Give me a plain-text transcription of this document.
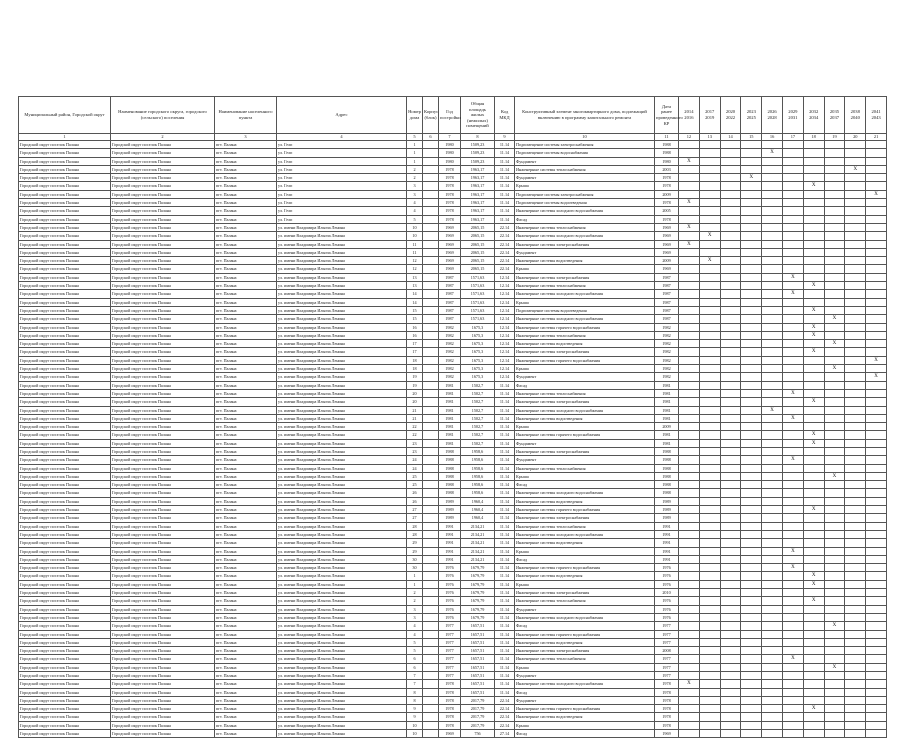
Муниципальный район, Городской округ	Наименование городского округа, городского (сельского) поселения	Наименование населенного пункта	Адрес	Номер дома	Корпус (блок)	Год постройки	Общая площадь жилых (нежилых) помещений	Код МКД	Конструктивный элемент многоквартирного дома, подлежащий включению в программу капитального ремонта	Дата ранее проведенного КР	2014 2016	2017 2019	2020 2022	2023 2025	2026 2028	2029 2031	2032 2034	2035 2037	2038 2040	2041 2043
1	2	3	4	5	6	7	8	9	10	11	12	13	14	15	16	17	18	19	20	21
Городской округ поселок Палана	Городской округ поселок Палана	пгт. Палана	ул. Гелп	1		1980	1509,23	11.14	Подпомещение системы электроснабжения	1988										
Городской округ поселок Палана	Городской округ поселок Палана	пгт. Палана	ул. Гелп	1		1980	1509,23	11.14	Подпомещение системы водоснабжения	1988					X					
Городской округ поселок Палана	Городской округ поселок Палана	пгт. Палана	ул. Гелп	1		1980	1509,23	11.14	Фундамент	1980	X									
Городской округ поселок Палана	Городской округ поселок Палана	пгт. Палана	ул. Гелп	2		1978	1963,17	11.14	Инженерные системы теплоснабжения	2003									X	
Городской округ поселок Палана	Городской округ поселок Палана	пгт. Палана	ул. Гелп	2		1978	1963,17	11.14	Фундамент	1978				X						
Городской округ поселок Палана	Городской округ поселок Палана	пгт. Палана	ул. Гелп	3		1978	1963,17	11.14	Крыша	1978							X			
Городской округ поселок Палана	Городской округ поселок Палана	пгт. Палана	ул. Гелп	3		1978	1963,17	11.14	Подпомещение системы электроснабжения	2009										X
Городской округ поселок Палана	Городской округ поселок Палана	пгт. Палана	ул. Гелп	4		1978	1963,17	11.14	Подпомещение системы водоотведения	1978	X									
Городской округ поселок Палана	Городской округ поселок Палана	пгт. Палана	ул. Гелп	4		1978	1963,17	11.14	Инженерные системы холодного водоснабжения	2005										
Городской округ поселок Палана	Городской округ поселок Палана	пгт. Палана	ул. Гелп	5		1978	1963,17	11.14	Фасад	1978										
Городской округ поселок Палана	Городской округ поселок Палана	пгт. Палана	ул. имени Владимира Ильича Ленина	10		1969	2065,15	22.14	Инженерные системы теплоснабжения	1969	X									
Городской округ поселок Палана	Городской округ поселок Палана	пгт. Палана	ул. имени Владимира Ильича Ленина	10		1969	2065,15	22.14	Инженерные системы холодного водоснабжения	1969		X								
Городской округ поселок Палана	Городской округ поселок Палана	пгт. Палана	ул. имени Владимира Ильича Ленина	11		1969	2065,15	22.14	Инженерные системы электроснабжения	1969	X									
Городской округ поселок Палана	Городской округ поселок Палана	пгт. Палана	ул. имени Владимира Ильича Ленина	11		1969	2065,15	22.14	Фундамент	1969										
Городской округ поселок Палана	Городской округ поселок Палана	пгт. Палана	ул. имени Владимира Ильича Ленина	12		1969	2065,15	22.14	Инженерные системы водоотведения	2009		X								
Городской округ поселок Палана	Городской округ поселок Палана	пгт. Палана	ул. имени Владимира Ильича Ленина	12		1969	2065,15	22.14	Крыша	1969										
Городской округ поселок Палана	Городской округ поселок Палана	пгт. Палана	ул. имени Владимира Ильича Ленина	13		1987	1571,63	12.14	Инженерные системы электроснабжения	1987						X				
Городской округ поселок Палана	Городской округ поселок Палана	пгт. Палана	ул. имени Владимира Ильича Ленина	13		1987	1571,63	12.14	Инженерные системы теплоснабжения	1987							X			
Городской округ поселок Палана	Городской округ поселок Палана	пгт. Палана	ул. имени Владимира Ильича Ленина	14		1987	1571,63	12.14	Инженерные системы холодного водоснабжения	1987						X				
Городской округ поселок Палана	Городской округ поселок Палана	пгт. Палана	ул. имени Владимира Ильича Ленина	14		1987	1571,63	12.14	Крыша	1987										
Городской округ поселок Палана	Городской округ поселок Палана	пгт. Палана	ул. имени Владимира Ильича Ленина	15		1987	1571,63	12.14	Подпомещение системы водоотведения	1987							X			
Городской округ поселок Палана	Городской округ поселок Палана	пгт. Палана	ул. имени Владимира Ильича Ленина	15		1987	1571,63	12.14	Инженерные системы холодного водоснабжения	1987								X		
Городской округ поселок Палана	Городской округ поселок Палана	пгт. Палана	ул. имени Владимира Ильича Ленина	16		1982	1675,3	12.14	Инженерные системы горячего водоснабжения	1982							X			
Городской округ поселок Палана	Городской округ поселок Палана	пгт. Палана	ул. имени Владимира Ильича Ленина	16		1982	1675,3	12.14	Инженерные системы теплоснабжения	1982							X			
Городской округ поселок Палана	Городской округ поселок Палана	пгт. Палана	ул. имени Владимира Ильича Ленина	17		1982	1675,3	12.14	Инженерные системы водоотведения	1982								X		
Городской округ поселок Палана	Городской округ поселок Палана	пгт. Палана	ул. имени Владимира Ильича Ленина	17		1982	1675,3	12.14	Инженерные системы электроснабжения	1982							X			
Городской округ поселок Палана	Городской округ поселок Палана	пгт. Палана	ул. имени Владимира Ильича Ленина	18		1982	1675,3	12.14	Инженерные системы горячего водоснабжения	1982										X
Городской округ поселок Палана	Городской округ поселок Палана	пгт. Палана	ул. имени Владимира Ильича Ленина	18		1982	1675,3	12.14	Крыша	1982								X		
Городской округ поселок Палана	Городской округ поселок Палана	пгт. Палана	ул. имени Владимира Ильича Ленина	19		1982	1675,3	12.14	Фундамент	1982										X
Городской округ поселок Палана	Городской округ поселок Палана	пгт. Палана	ул. имени Владимира Ильича Ленина	19		1981	1502,7	11.14	Фасад	1981										
Городской округ поселок Палана	Городской округ поселок Палана	пгт. Палана	ул. имени Владимира Ильича Ленина	20		1981	1502,7	11.14	Инженерные системы теплоснабжения	1981						X				
Городской округ поселок Палана	Городской округ поселок Палана	пгт. Палана	ул. имени Владимира Ильича Ленина	20		1981	1502,7	11.14	Инженерные системы электроснабжения	1981							X			
Городской округ поселок Палана	Городской округ поселок Палана	пгт. Палана	ул. имени Владимира Ильича Ленина	21		1981	1502,7	11.14	Инженерные системы холодного водоснабжения	1981					X					
Городской округ поселок Палана	Городской округ поселок Палана	пгт. Палана	ул. имени Владимира Ильича Ленина	21		1981	1502,7	11.14	Инженерные системы водоотведения	1981						X				
Городской округ поселок Палана	Городской округ поселок Палана	пгт. Палана	ул. имени Владимира Ильича Ленина	22		1981	1502,7	11.14	Крыша	2009										
Городской округ поселок Палана	Городской округ поселок Палана	пгт. Палана	ул. имени Владимира Ильича Ленина	22		1981	1502,7	11.14	Инженерные системы горячего водоснабжения	1981							X			
Городской округ поселок Палана	Городской округ поселок Палана	пгт. Палана	ул. имени Владимира Ильича Ленина	23		1981	1502,7	11.14	Фундамент	1981							X			
Городской округ поселок Палана	Городской округ поселок Палана	пгт. Палана	ул. имени Владимира Ильича Ленина	23		1988	1958,6	11.14	Инженерные системы электроснабжения	1988										
Городской округ поселок Палана	Городской округ поселок Палана	пгт. Палана	ул. имени Владимира Ильича Ленина	24		1988	1958,6	11.14	Фундамент	1988						X				
Городской округ поселок Палана	Городской округ поселок Палана	пгт. Палана	ул. имени Владимира Ильича Ленина	24		1988	1958,6	11.14	Инженерные системы теплоснабжения	1988										
Городской округ поселок Палана	Городской округ поселок Палана	пгт. Палана	ул. имени Владимира Ильича Ленина	25		1988	1958,6	11.14	Крыша	1988								X		
Городской округ поселок Палана	Городской округ поселок Палана	пгт. Палана	ул. имени Владимира Ильича Ленина	25		1988	1958,6	11.14	Фасад	1988										
Городской округ поселок Палана	Городской округ поселок Палана	пгт. Палана	ул. имени Владимира Ильича Ленина	26		1988	1958,6	11.14	Инженерные системы холодного водоснабжения	1988										
Городской округ поселок Палана	Городской округ поселок Палана	пгт. Палана	ул. имени Владимира Ильича Ленина	26		1989	1960,4	11.14	Инженерные системы водоотведения	1989										
Городской округ поселок Палана	Городской округ поселок Палана	пгт. Палана	ул. имени Владимира Ильича Ленина	27		1989	1960,4	11.14	Инженерные системы горячего водоснабжения	1989							X			
Городской округ поселок Палана	Городской округ поселок Палана	пгт. Палана	ул. имени Владимира Ильича Ленина	27		1989	1960,4	11.14	Инженерные системы электроснабжения	1989										
Городской округ поселок Палана	Городской округ поселок Палана	пгт. Палана	ул. имени Владимира Ильича Ленина	28		1991	2134,21	11.14	Инженерные системы теплоснабжения	1991										
Городской округ поселок Палана	Городской округ поселок Палана	пгт. Палана	ул. имени Владимира Ильича Ленина	28		1991	2134,21	11.14	Инженерные системы холодного водоснабжения	1991										
Городской округ поселок Палана	Городской округ поселок Палана	пгт. Палана	ул. имени Владимира Ильича Ленина	29		1991	2134,21	11.14	Инженерные системы водоотведения	1991										
Городской округ поселок Палана	Городской округ поселок Палана	пгт. Палана	ул. имени Владимира Ильича Ленина	29		1991	2134,21	11.14	Крыша	1991						X				
Городской округ поселок Палана	Городской округ поселок Палана	пгт. Палана	ул. имени Владимира Ильича Ленина	30		1991	2134,21	11.14	Фасад	1991										
Городской округ поселок Палана	Городской округ поселок Палана	пгт. Палана	ул. имени Владимира Ильича Ленина	30		1976	1679,79	11.14	Инженерные системы горячего водоснабжения	1976						X				
Городской округ поселок Палана	Городской округ поселок Палана	пгт. Палана	ул. имени Владимира Ильича Ленина	1		1976	1679,79	11.14	Инженерные системы водоотведения	1976							X			
Городской округ поселок Палана	Городской округ поселок Палана	пгт. Палана	ул. имени Владимира Ильича Ленина	1		1976	1679,79	11.14	Крыша	1976							X			
Городской округ поселок Палана	Городской округ поселок Палана	пгт. Палана	ул. имени Владимира Ильича Ленина	2		1976	1679,79	11.14	Инженерные системы электроснабжения	2010										
Городской округ поселок Палана	Городской округ поселок Палана	пгт. Палана	ул. имени Владимира Ильича Ленина	2		1976	1679,79	11.14	Инженерные системы теплоснабжения	1976							X			
Городской округ поселок Палана	Городской округ поселок Палана	пгт. Палана	ул. имени Владимира Ильича Ленина	3		1976	1679,79	11.14	Фундамент	1976										
Городской округ поселок Палана	Городской округ поселок Палана	пгт. Палана	ул. имени Владимира Ильича Ленина	3		1976	1679,79	11.14	Инженерные системы холодного водоснабжения	1976										
Городской округ поселок Палана	Городской округ поселок Палана	пгт. Палана	ул. имени Владимира Ильича Ленина	4		1977	1657,51	11.14	Фасад	1977								X		
Городской округ поселок Палана	Городской округ поселок Палана	пгт. Палана	ул. имени Владимира Ильича Ленина	4		1977	1657,51	11.14	Инженерные системы горячего водоснабжения	1977										
Городской округ поселок Палана	Городской округ поселок Палана	пгт. Палана	ул. имени Владимира Ильича Ленина	5		1977	1657,51	11.14	Инженерные системы водоотведения	1977										
Городской округ поселок Палана	Городской округ поселок Палана	пгт. Палана	ул. имени Владимира Ильича Ленина	5		1977	1657,51	11.14	Инженерные системы электроснабжения	2008										
Городской округ поселок Палана	Городской округ поселок Палана	пгт. Палана	ул. имени Владимира Ильича Ленина	6		1977	1657,51	11.14	Инженерные системы теплоснабжения	1977						X				
Городской округ поселок Палана	Городской округ поселок Палана	пгт. Палана	ул. имени Владимира Ильича Ленина	6		1977	1657,51	11.14	Крыша	1977								X		
Городской округ поселок Палана	Городской округ поселок Палана	пгт. Палана	ул. имени Владимира Ильича Ленина	7		1977	1657,51	11.14	Фундамент	1977										
Городской округ поселок Палана	Городской округ поселок Палана	пгт. Палана	ул. имени Владимира Ильича Ленина	7		1978	1657,51	11.14	Инженерные системы холодного водоснабжения	1978	X									
Городской округ поселок Палана	Городской округ поселок Палана	пгт. Палана	ул. имени Владимира Ильича Ленина	8		1978	1657,51	11.14	Фасад	1978										
Городской округ поселок Палана	Городской округ поселок Палана	пгт. Палана	ул. имени Владимира Ильича Ленина	8		1978	2017,79	22.14	Фундамент	1978										
Городской округ поселок Палана	Городской округ поселок Палана	пгт. Палана	ул. имени Владимира Ильича Ленина	9		1978	2017,79	22.14	Инженерные системы горячего водоснабжения	1978							X			
Городской округ поселок Палана	Городской округ поселок Палана	пгт. Палана	ул. имени Владимира Ильича Ленина	9		1978	2017,79	22.14	Инженерные системы водоотведения	1978										
Городской округ поселок Палана	Городской округ поселок Палана	пгт. Палана	ул. имени Владимира Ильича Ленина	10		1978	2017,79	22.14	Крыша	1978										
Городской округ поселок Палана	Городской округ поселок Палана	пгт. Палана	ул. имени Владимира Ильича Ленина	10		1969	756	27.14	Фасад	1969										
